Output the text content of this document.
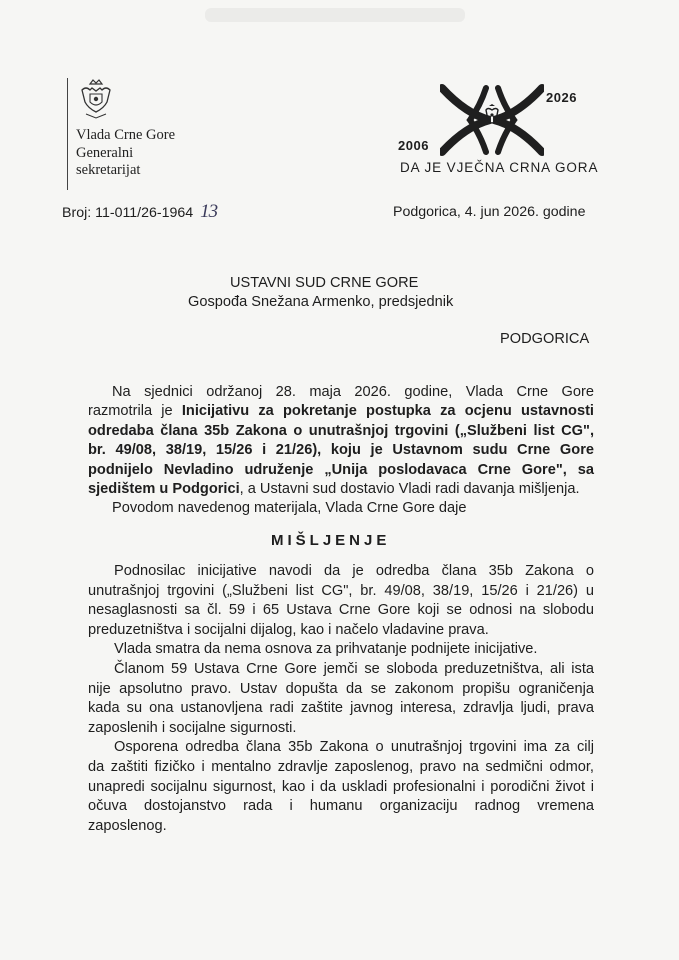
Vlada Crne Gore
Generalni
sekretarijat
2026
2006
DA JE VJEČNA CRNA GORA
Broj: 11-011/26-1964 13	Podgorica, 4. jun 2026. godine
USTAVNI SUD CRNE GORE
Gospođa Snežana Armenko, predsjednik
PODGORICA
Na sjednici održanoj 28. maja 2026. godine, Vlada Crne Gore
razmotrila je Inicijativu za pokretanje postupka za ocjenu ustavnosti
odredaba člana 35b Zakona o unutrašnjoj trgovini („Službeni list CG",
br. 49/08, 38/19, 15/26 i 21/26), koju je Ustavnom sudu Crne Gore
podnijelo Nevladino udruženje „Unija poslodavaca Crne Gore", sa
sjedištem u Podgorici, a Ustavni sud dostavio Vladi radi davanja mišljenja.
Povodom navedenog materijala, Vlada Crne Gore daje
MIŠLJENJE
Podnosilac inicijative navodi da je odredba člana 35b Zakona o
unutrašnjoj trgovini („Službeni list CG", br. 49/08, 38/19, 15/26 i 21/26) u
nesaglasnosti sa čl. 59 i 65 Ustava Crne Gore koji se odnosi na slobodu
preduzetništva i socijalni dijalog, kao i načelo vladavine prava.
Vlada smatra da nema osnova za prihvatanje podnijete inicijative.
Članom 59 Ustava Crne Gore jemči se sloboda preduzetništva, ali ista
nije apsolutno pravo. Ustav dopušta da se zakonom propišu ograničenja
kada su ona ustanovljena radi zaštite javnog interesa, zdravlja ljudi, prava
zaposlenih i socijalne sigurnosti.
Osporena odredba člana 35b Zakona o unutrašnjoj trgovini ima za cilj
da zaštiti fizičko i mentalno zdravlje zaposlenog, pravo na sedmični odmor,
unapredi socijalnu sigurnost, kao i da uskladi profesionalni i porodični život i
očuva dostojanstvo rada i humanu organizaciju radnog vremena
zaposlenog.
